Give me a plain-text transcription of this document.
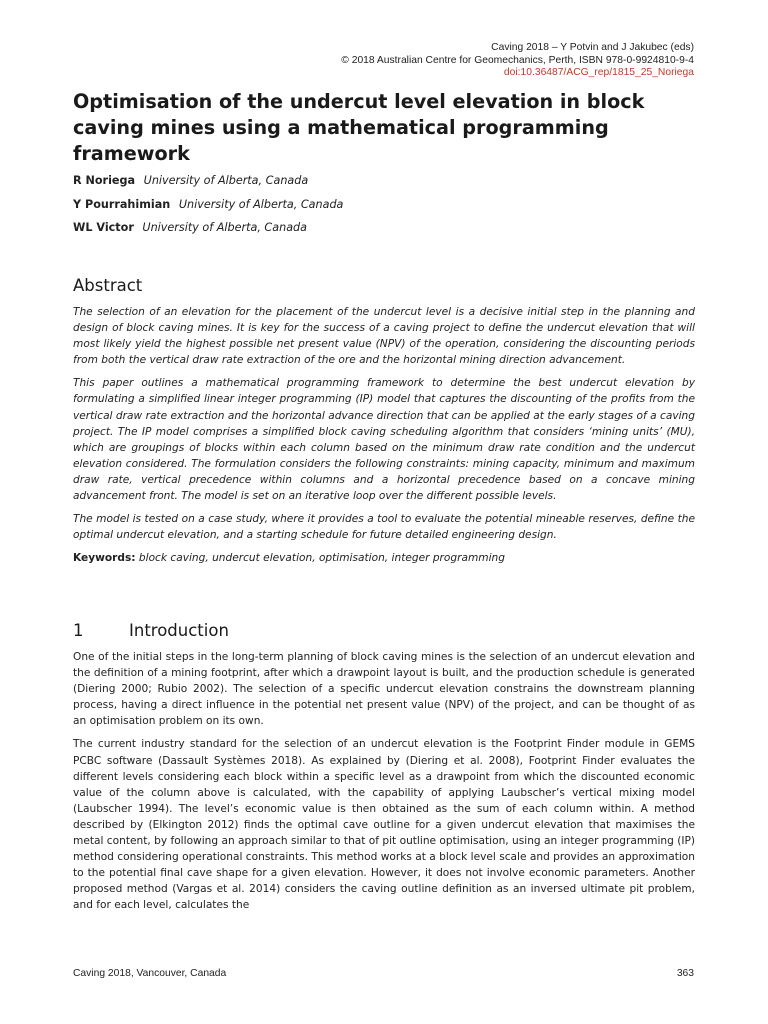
Caving 2018 – Y Potvin and J Jakubec (eds)
© 2018 Australian Centre for Geomechanics, Perth, ISBN 978-0-9924810-9-4
doi:10.36487/ACG_rep/1815_25_Noriega
Optimisation of the undercut level elevation in block caving mines using a mathematical programming framework
R Noriega University of Alberta, Canada
Y Pourrahimian University of Alberta, Canada
WL Victor University of Alberta, Canada
Abstract

The selection of an elevation for the placement of the undercut level is a decisive initial step in the planning and design of block caving mines. It is key for the success of a caving project to define the undercut elevation that will most likely yield the highest possible net present value (NPV) of the operation, considering the discounting periods from both the vertical draw rate extraction of the ore and the horizontal mining direction advancement.

This paper outlines a mathematical programming framework to determine the best undercut elevation by formulating a simplified linear integer programming (IP) model that captures the discounting of the profits from the vertical draw rate extraction and the horizontal advance direction that can be applied at the early stages of a caving project. The IP model comprises a simplified block caving scheduling algorithm that considers ‘mining units’ (MU), which are groupings of blocks within each column based on the minimum draw rate condition and the undercut elevation considered. The formulation considers the following constraints: mining capacity, minimum and maximum draw rate, vertical precedence within columns and a horizontal precedence based on a concave mining advancement front. The model is set on an iterative loop over the different possible levels.

The model is tested on a case study, where it provides a tool to evaluate the potential mineable reserves, define the optimal undercut elevation, and a starting schedule for future detailed engineering design.

Keywords: block caving, undercut elevation, optimisation, integer programming

1	Introduction

One of the initial steps in the long-term planning of block caving mines is the selection of an undercut elevation and the definition of a mining footprint, after which a drawpoint layout is built, and the production schedule is generated (Diering 2000; Rubio 2002). The selection of a specific undercut elevation constrains the downstream planning process, having a direct influence in the potential net present value (NPV) of the project, and can be thought of as an optimisation problem on its own.

The current industry standard for the selection of an undercut elevation is the Footprint Finder module in GEMS PCBC software (Dassault Systèmes 2018). As explained by (Diering et al. 2008), Footprint Finder evaluates the different levels considering each block within a specific level as a drawpoint from which the discounted economic value of the column above is calculated, with the capability of applying Laubscher’s vertical mixing model (Laubscher 1994). The level’s economic value is then obtained as the sum of each column within. A method described by (Elkington 2012) finds the optimal cave outline for a given undercut elevation that maximises the metal content, by following an approach similar to that of pit outline optimisation, using an integer programming (IP) method considering operational constraints. This method works at a block level scale and provides an approximation to the potential final cave shape for a given elevation. However, it does not involve economic parameters. Another proposed method (Vargas et al. 2014) considers the caving outline definition as an inversed ultimate pit problem, and for each level, calculates the

Caving 2018, Vancouver, Canada	363
